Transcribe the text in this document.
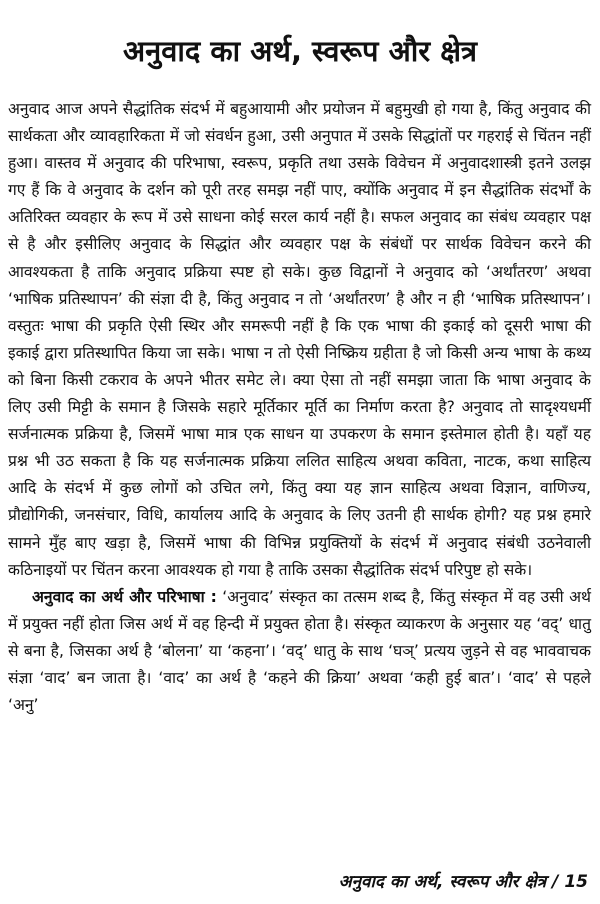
अनुवाद का अर्थ, स्वरूप और क्षेत्र

अनुवाद आज अपने सैद्धांतिक संदर्भ में बहुआयामी और प्रयोजन में बहुमुखी हो गया है, किंतु अनुवाद की सार्थकता और व्यावहारिकता में जो संवर्धन हुआ, उसी अनुपात में उसके सिद्धांतों पर गहराई से चिंतन नहीं हुआ। वास्तव में अनुवाद की परिभाषा, स्वरूप, प्रकृति तथा उसके विवेचन में अनुवादशास्त्री इतने उलझ गए हैं कि वे अनुवाद के दर्शन को पूरी तरह समझ नहीं पाए, क्योंकि अनुवाद में इन सैद्धांतिक संदर्भों के अतिरिक्त व्यवहार के रूप में उसे साधना कोई सरल कार्य नहीं है। सफल अनुवाद का संबंध व्यवहार पक्ष से है और इसीलिए अनुवाद के सिद्धांत और व्यवहार पक्ष के संबंधों पर सार्थक विवेचन करने की आवश्यकता है ताकि अनुवाद प्रक्रिया स्पष्ट हो सके। कुछ विद्वानों ने अनुवाद को ‘अर्थांतरण’ अथवा ‘भाषिक प्रतिस्थापन’ की संज्ञा दी है, किंतु अनुवाद न तो ‘अर्थांतरण’ है और न ही ‘भाषिक प्रतिस्थापन’। वस्तुतः भाषा की प्रकृति ऐसी स्थिर और समरूपी नहीं है कि एक भाषा की इकाई को दूसरी भाषा की इकाई द्वारा प्रतिस्थापित किया जा सके। भाषा न तो ऐसी निष्क्रिय ग्रहीता है जो किसी अन्य भाषा के कथ्य को बिना किसी टकराव के अपने भीतर समेट ले। क्या ऐसा तो नहीं समझा जाता कि भाषा अनुवाद के लिए उसी मिट्टी के समान है जिसके सहारे मूर्तिकार मूर्ति का निर्माण करता है? अनुवाद तो सादृश्यधर्मी सर्जनात्मक प्रक्रिया है, जिसमें भाषा मात्र एक साधन या उपकरण के समान इस्तेमाल होती है। यहाँ यह प्रश्न भी उठ सकता है कि यह सर्जनात्मक प्रक्रिया ललित साहित्य अथवा कविता, नाटक, कथा साहित्य आदि के संदर्भ में कुछ लोगों को उचित लगे, किंतु क्या यह ज्ञान साहित्य अथवा विज्ञान, वाणिज्य, प्रौद्योगिकी, जनसंचार, विधि, कार्यालय आदि के अनुवाद के लिए उतनी ही सार्थक होगी? यह प्रश्न हमारे सामने मुँह बाए खड़ा है, जिसमें भाषा की विभिन्न प्रयुक्तियों के संदर्भ में अनुवाद संबंधी उठनेवाली कठिनाइयों पर चिंतन करना आवश्यक हो गया है ताकि उसका सैद्धांतिक संदर्भ परिपुष्ट हो सके।

अनुवाद का अर्थ और परिभाषा : ‘अनुवाद’ संस्कृत का तत्सम शब्द है, किंतु संस्कृत में वह उसी अर्थ में प्रयुक्त नहीं होता जिस अर्थ में वह हिन्दी में प्रयुक्त होता है। संस्कृत व्याकरण के अनुसार यह ‘वद्’ धातु से बना है, जिसका अर्थ है ‘बोलना’ या ‘कहना’। ‘वद्’ धातु के साथ ‘घञ्’ प्रत्यय जुड़ने से वह भाववाचक संज्ञा ‘वाद’ बन जाता है। ‘वाद’ का अर्थ है ‘कहने की क्रिया’ अथवा ‘कही हुई बात’। ‘वाद’ से पहले ‘अनु’

अनुवाद का अर्थ, स्वरूप और क्षेत्र / 15
